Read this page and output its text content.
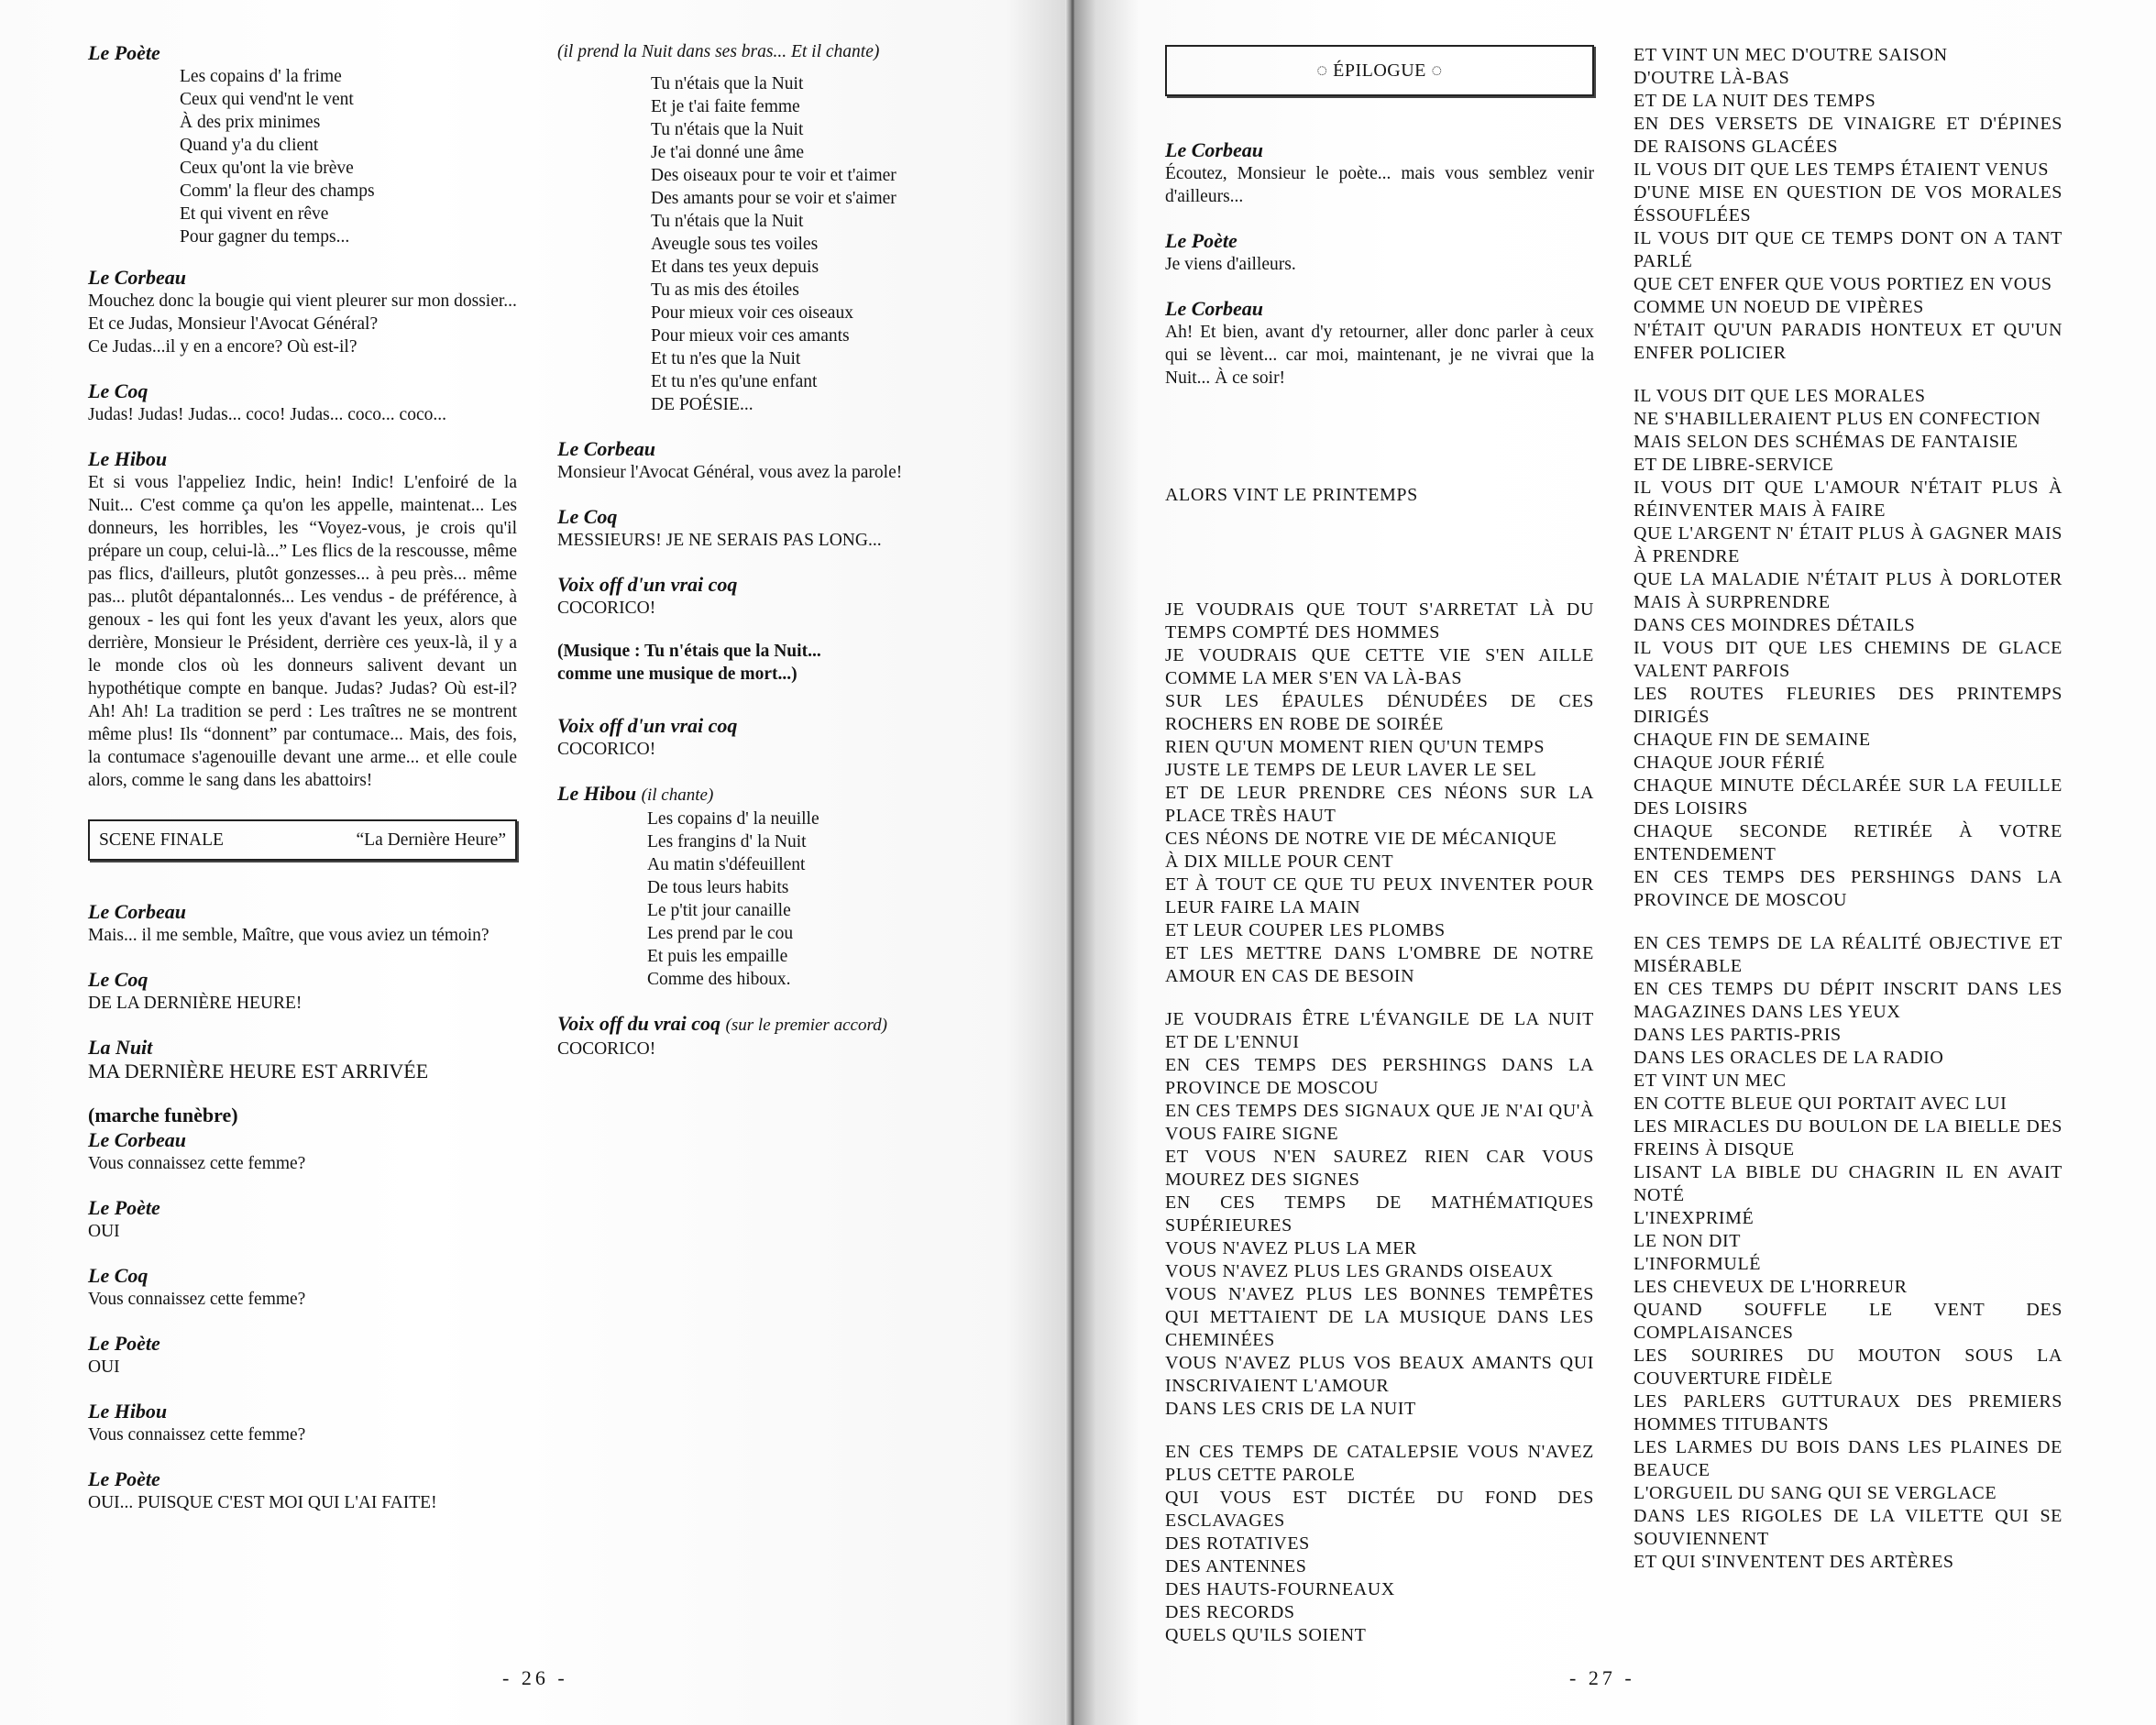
Le Poète

Les copains d' la frime

Ceux qui vend'nt le vent

À des prix minimes

Quand y'a du client

Ceux qu'ont la vie brève

Comm' la fleur des champs

Et qui vivent en rêve

Pour gagner du temps...

Le Corbeau

Mouchez donc la bougie qui vient pleurer sur mon dossier...

Et ce Judas, Monsieur l'Avocat Général?

Ce Judas...il y en a encore? Où est-il?

Le Coq

Judas! Judas! Judas... coco! Judas... coco... coco...

Le Hibou

Et si vous l'appeliez Indic, hein! Indic! L'enfoiré de la Nuit... C'est comme ça qu'on les appelle, maintenat... Les donneurs, les horribles, les “Voyez-vous, je crois qu'il prépare un coup, celui-là...” Les flics de la rescousse, même pas flics, d'ailleurs, plutôt gonzesses... à peu près... même pas... plutôt dépantalonnés... Les vendus - de préférence, à genoux - les qui font les yeux d'avant les yeux, alors que derrière, Monsieur le Président, derrière ces yeux-là, il y a le monde clos où les donneurs salivent devant un hypothétique compte en banque. Judas? Judas? Où est-il? Ah! Ah! La tradition se perd : Les traîtres ne se montrent même plus! Ils “donnent” par contumace... Mais, des fois, la contumace s'agenouille devant une arme... et elle coule alors, comme le sang dans les abattoirs!

SCENE FINALE	“La Dernière Heure”

Le Corbeau

Mais... il me semble, Maître, que vous aviez un témoin?

Le Coq

DE LA DERNIÈRE HEURE!

La Nuit

MA DERNIÈRE HEURE EST ARRIVÉE

(marche funèbre)

Le Corbeau

Vous connaissez cette femme?

Le Poète

OUI

Le Coq

Vous connaissez cette femme?

Le Poète

OUI

Le Hibou

Vous connaissez cette femme?

Le Poète

OUI... PUISQUE C'EST MOI QUI L'AI FAITE!

(il prend la Nuit dans ses bras... Et il chante)

Tu n'étais que la Nuit

Et je t'ai faite femme

Tu n'étais que la Nuit

Je t'ai donné une âme

Des oiseaux pour te voir et t'aimer

Des amants pour se voir et s'aimer

Tu n'étais que la Nuit

Aveugle sous tes voiles

Et dans tes yeux depuis

Tu as mis des étoiles

Pour mieux voir ces oiseaux

Pour mieux voir ces amants

Et tu n'es que la Nuit

Et tu n'es qu'une enfant

DE POÉSIE...

Le Corbeau

Monsieur l'Avocat Général, vous avez la parole!

Le Coq

MESSIEURS! JE NE SERAIS PAS LONG...

Voix off d'un vrai coq

COCORICO!

(Musique : Tu n'étais que la Nuit...

comme une musique de mort...)

Voix off d'un vrai coq

COCORICO!

Le Hibou (il chante)

Les copains d' la neuille

Les frangins d' la Nuit

Au matin s'défeuillent

De tous leurs habits

Le p'tit jour canaille

Les prend par le cou

Et puis les empaille

Comme des hiboux.

Voix off du vrai coq (sur le premier accord)

COCORICO!

- 26 -
◌ ÉPILOGUE ◌

Le Corbeau

Écoutez, Monsieur le poète... mais vous semblez venir d'ailleurs...

Le Poète

Je viens d'ailleurs.

Le Corbeau

Ah! Et bien, avant d'y retourner, aller donc parler à ceux qui se lèvent... car moi, maintenant, je ne vivrai que la Nuit... À ce soir!

ALORS VINT LE PRINTEMPS

JE VOUDRAIS QUE TOUT S'ARRETAT LÀ DU TEMPS COMPTÉ DES HOMMES

JE VOUDRAIS QUE CETTE VIE S'EN AILLE COMME LA MER S'EN VA LÀ-BAS

SUR LES ÉPAULES DÉNUDÉES DE CES ROCHERS EN ROBE DE SOIRÉE

RIEN QU'UN MOMENT RIEN QU'UN TEMPS

JUSTE LE TEMPS DE LEUR LAVER LE SEL

ET DE LEUR PRENDRE CES NÉONS SUR LA PLACE TRÈS HAUT

CES NÉONS DE NOTRE VIE DE MÉCANIQUE

À DIX MILLE POUR CENT

ET À TOUT CE QUE TU PEUX INVENTER POUR LEUR FAIRE LA MAIN

ET LEUR COUPER LES PLOMBS

ET LES METTRE DANS L'OMBRE DE NOTRE AMOUR EN CAS DE BESOIN

JE VOUDRAIS ÊTRE L'ÉVANGILE DE LA NUIT ET DE L'ENNUI

EN CES TEMPS DES PERSHINGS DANS LA PROVINCE DE MOSCOU

EN CES TEMPS DES SIGNAUX QUE JE N'AI QU'À VOUS FAIRE SIGNE

ET VOUS N'EN SAUREZ RIEN CAR VOUS MOUREZ DES SIGNES

EN CES TEMPS DE MATHÉMATIQUES SUPÉRIEURES

VOUS N'AVEZ PLUS LA MER

VOUS N'AVEZ PLUS LES GRANDS OISEAUX

VOUS N'AVEZ PLUS LES BONNES TEMPÊTES QUI METTAIENT DE LA MUSIQUE DANS LES CHEMINÉES

VOUS N'AVEZ PLUS VOS BEAUX AMANTS QUI INSCRIVAIENT L'AMOUR

DANS LES CRIS DE LA NUIT

EN CES TEMPS DE CATALEPSIE VOUS N'AVEZ PLUS CETTE PAROLE

QUI VOUS EST DICTÉE DU FOND DES ESCLAVAGES

DES ROTATIVES

DES ANTENNES

DES HAUTS-FOURNEAUX

DES RECORDS

QUELS QU'ILS SOIENT

ET VINT UN MEC D'OUTRE SAISON

D'OUTRE LÀ-BAS

ET DE LA NUIT DES TEMPS

EN DES VERSETS DE VINAIGRE ET D'ÉPINES DE RAISONS GLACÉES

IL VOUS DIT QUE LES TEMPS ÉTAIENT VENUS

D'UNE MISE EN QUESTION DE VOS MORALES ÉSSOUFLÉES

IL VOUS DIT QUE CE TEMPS DONT ON A TANT PARLÉ

QUE CET ENFER QUE VOUS PORTIEZ EN VOUS

COMME UN NOEUD DE VIPÈRES

N'ÉTAIT QU'UN PARADIS HONTEUX ET QU'UN ENFER POLICIER

IL VOUS DIT QUE LES MORALES

NE S'HABILLERAIENT PLUS EN CONFECTION

MAIS SELON DES SCHÉMAS DE FANTAISIE

ET DE LIBRE-SERVICE

IL VOUS DIT QUE L'AMOUR N'ÉTAIT PLUS À RÉINVENTER MAIS À FAIRE

QUE L'ARGENT N' ÉTAIT PLUS À GAGNER MAIS À PRENDRE

QUE LA MALADIE N'ÉTAIT PLUS À DORLOTER MAIS À SURPRENDRE

DANS CES MOINDRES DÉTAILS

IL VOUS DIT QUE LES CHEMINS DE GLACE VALENT PARFOIS

LES ROUTES FLEURIES DES PRINTEMPS DIRIGÉS

CHAQUE FIN DE SEMAINE

CHAQUE JOUR FÉRIÉ

CHAQUE MINUTE DÉCLARÉE SUR LA FEUILLE DES LOISIRS

CHAQUE SECONDE RETIRÉE À VOTRE ENTENDEMENT

EN CES TEMPS DES PERSHINGS DANS LA PROVINCE DE MOSCOU

EN CES TEMPS DE LA RÉALITÉ OBJECTIVE ET MISÉRABLE

EN CES TEMPS DU DÉPIT INSCRIT DANS LES MAGAZINES DANS LES YEUX

DANS LES PARTIS-PRIS

DANS LES ORACLES DE LA RADIO

ET VINT UN MEC

EN COTTE BLEUE QUI PORTAIT AVEC LUI

LES MIRACLES DU BOULON DE LA BIELLE DES FREINS À DISQUE

LISANT LA BIBLE DU CHAGRIN IL EN AVAIT NOTÉ

L'INEXPRIMÉ

LE NON DIT

L'INFORMULÉ

LES CHEVEUX DE L'HORREUR

QUAND SOUFFLE LE VENT DES COMPLAISANCES

LES SOURIRES DU MOUTON SOUS LA COUVERTURE FIDÈLE

LES PARLERS GUTTURAUX DES PREMIERS HOMMES TITUBANTS

LES LARMES DU BOIS DANS LES PLAINES DE BEAUCE

L'ORGUEIL DU SANG QUI SE VERGLACE

DANS LES RIGOLES DE LA VILETTE QUI SE SOUVIENNENT

ET QUI S'INVENTENT DES ARTÈRES

- 27 -
